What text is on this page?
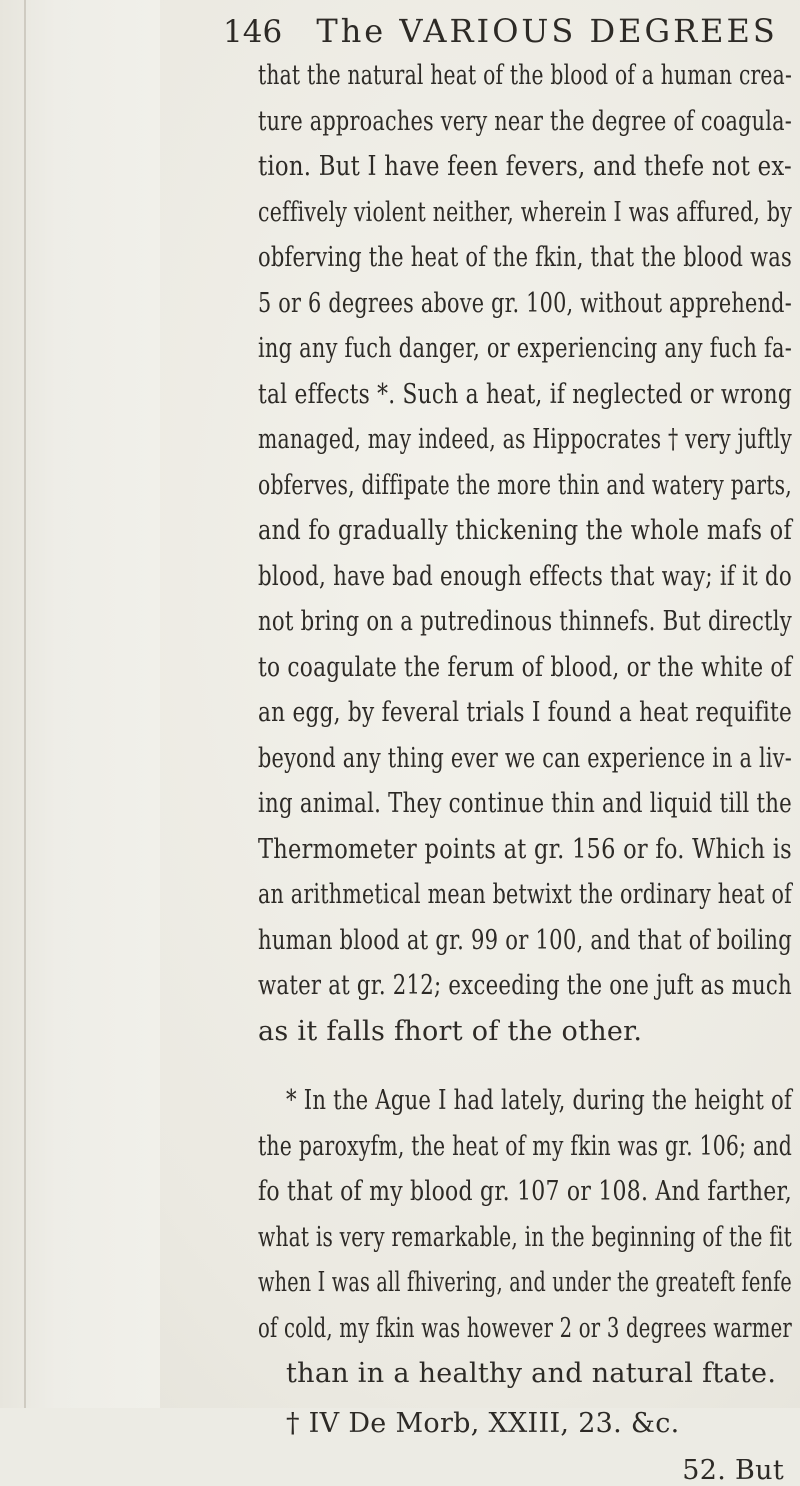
146 The VARIOUS DEGREES
that the natural heat of the blood of a human crea-
ture approaches very near the degree of coagula-
tion. But I have feen fevers, and thefe not ex-
ceffively violent neither, wherein I was affured, by
obferving the heat of the fkin, that the blood was
5 or 6 degrees above gr. 100, without apprehend-
ing any fuch danger, or experiencing any fuch fa-
tal effects *. Such a heat, if neglected or wrong
managed, may indeed, as Hippocrates † very juftly
obferves, diffipate the more thin and watery parts,
and fo gradually thickening the whole mafs of
blood, have bad enough effects that way; if it do
not bring on a putredinous thinnefs. But directly
to coagulate the ferum of blood, or the white of
an egg, by feveral trials I found a heat requifite
beyond any thing ever we can experience in a liv-
ing animal. They continue thin and liquid till the
Thermometer points at gr. 156 or fo. Which is
an arithmetical mean betwixt the ordinary heat of
human blood at gr. 99 or 100, and that of boiling
water at gr. 212; exceeding the one juft as much
as it falls fhort of the other.
* In the Ague I had lately, during the height of
the paroxyfm, the heat of my fkin was gr. 106; and
fo that of my blood gr. 107 or 108. And farther,
what is very remarkable, in the beginning of the fit
when I was all fhivering, and under the greateft fenfe
of cold, my fkin was however 2 or 3 degrees warmer
than in a healthy and natural ftate.
† IV De Morb, XXIII, 23. &c.
52. But
